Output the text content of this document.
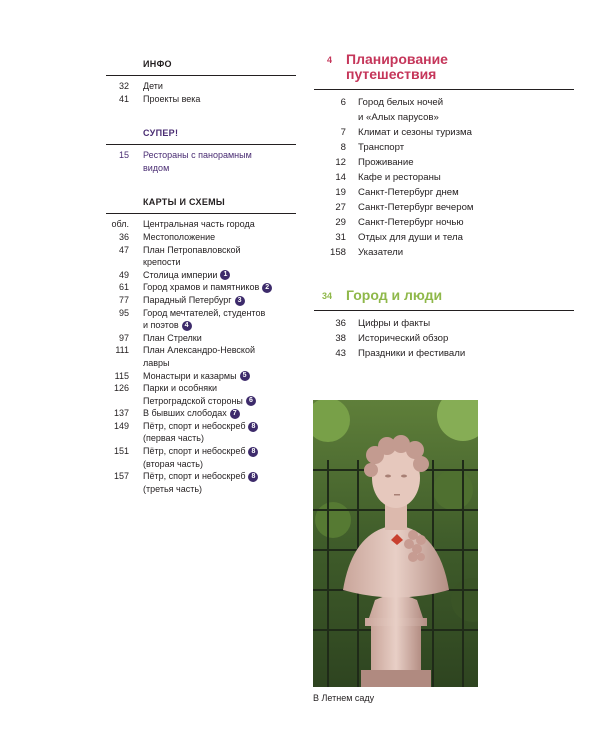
ИНФО
32 Дети
41 Проекты века
СУПЕР!
15 Рестораны с панорамным
видом
КАРТЫ И СХЕМЫ
обл. Центральная часть города
36 Местоположение
47 План Петропавловской
крепости
49 Столица империи 1
61 Город храмов и памятников 2
77 Парадный Петербург 3
95 Город мечтателей, студентов
и поэтов 4
97 План Стрелки
111 План Александро-Невской
лавры
115 Монастыри и казармы 5
126 Парки и особняки
Петроградской стороны 6
137 В бывших слободах 7
149 Пётр, спорт и небоскреб 8
(первая часть)
151 Пётр, спорт и небоскреб 8
(вторая часть)
157 Пётр, спорт и небоскреб 8
(третья часть)
4 Планирование
путешествия
6 Город белых ночей
и «Алых парусов»
7 Климат и сезоны туризма
8 Транспорт
12 Проживание
14 Кафе и рестораны
19 Санкт-Петербург днем
27 Санкт-Петербург вечером
29 Санкт-Петербург ночью
31 Отдых для души и тела
158 Указатели
34 Город и люди
36 Цифры и факты
38 Исторический обзор
43 Праздники и фестивали
В Летнем саду
